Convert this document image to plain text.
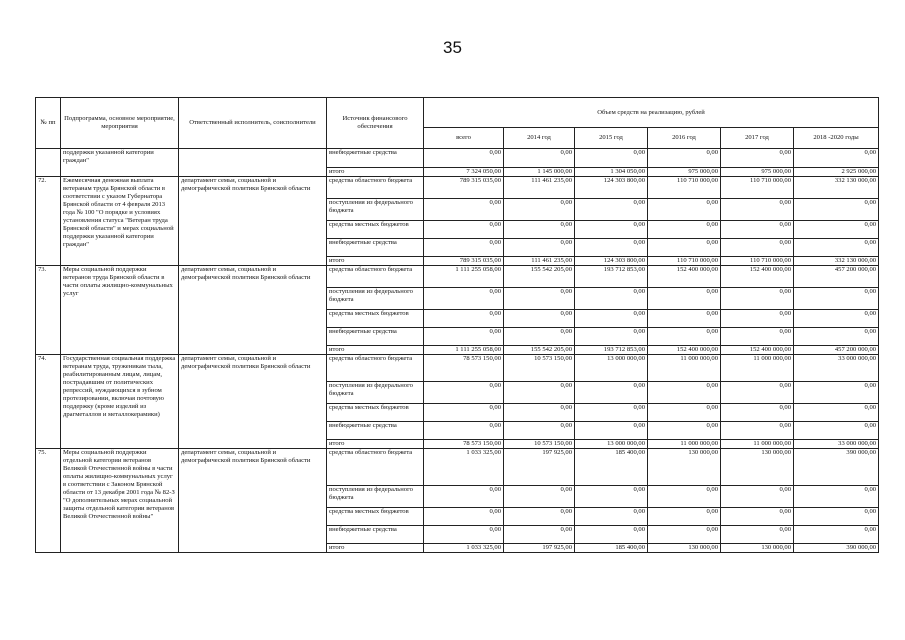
35
№ пп	Подпрограмма, основное мероприятие, мероприятия	Ответственный исполнитель, соисполнители	Источник финансового обеспечения	Объем средств на реализацию, рублей					
				всего	2014 год	2015 год	2016 год	2017 год	2018 -2020 годы
	поддержки указанной категории граждан"		внебюджетные средства	0,00	0,00	0,00	0,00	0,00	0,00
			итого	7 324 050,00	1 145 000,00	1 304 050,00	975 000,00	975 000,00	2 925 000,00
72.	Ежемесячная денежная выплата ветеранам труда Брянской области в соответствии с указом Губернатора Брянской области от 4 февраля 2013 года № 100 "О порядке и условиях установления статуса "Ветеран труда Брянской области" и мерах социальной поддержки указанной категории граждан"	департамент семьи, социальной и демографической политики Брянской области	средства областного бюджета	789 315 035,00	111 461 235,00	124 303 800,00	110 710 000,00	110 710 000,00	332 130 000,00
			поступления из федерального бюджета	0,00	0,00	0,00	0,00	0,00	0,00
			средства местных бюджетов	0,00	0,00	0,00	0,00	0,00	0,00
			внебюджетные средства	0,00	0,00	0,00	0,00	0,00	0,00
			итого	789 315 035,00	111 461 235,00	124 303 800,00	110 710 000,00	110 710 000,00	332 130 000,00
73.	Меры социальной поддержки ветеранов труда Брянской области в части оплаты жилищно-коммунальных услуг	департамент семьи, социальной и демографической политики Брянской области	средства областного бюджета	1 111 255 058,00	155 542 205,00	193 712 853,00	152 400 000,00	152 400 000,00	457 200 000,00
			поступления из федерального бюджета	0,00	0,00	0,00	0,00	0,00	0,00
			средства местных бюджетов	0,00	0,00	0,00	0,00	0,00	0,00
			внебюджетные средства	0,00	0,00	0,00	0,00	0,00	0,00
			итого	1 111 255 058,00	155 542 205,00	193 712 853,00	152 400 000,00	152 400 000,00	457 200 000,00
74.	Государственная социальная поддержка ветеранам труда, труженикам тыла, реабилитированным лицам, лицам, пострадавшим от политических репрессий, нуждающихся в зубном протезировании, включая почтовую поддержку (кроме изделий из драгметаллов и металлокерамики)	департамент семьи, социальной и демографической политики Брянской области	средства областного бюджета	78 573 150,00	10 573 150,00	13 000 000,00	11 000 000,00	11 000 000,00	33 000 000,00
			поступления из федерального бюджета	0,00	0,00	0,00	0,00	0,00	0,00
			средства местных бюджетов	0,00	0,00	0,00	0,00	0,00	0,00
			внебюджетные средства	0,00	0,00	0,00	0,00	0,00	0,00
			итого	78 573 150,00	10 573 150,00	13 000 000,00	11 000 000,00	11 000 000,00	33 000 000,00
75.	Меры социальной поддержки отдельной категории ветеранов Великой Отечественной войны в части оплаты жилищно-коммунальных услуг в соответствии с Законом Брянской области от 13 декабря 2001 года № 82-З "О дополнительных мерах социальной защиты отдельной категории ветеранов Великой Отечественной войны"	департамент семьи, социальной и демографической политики Брянской области	средства областного бюджета	1 033 325,00	197 925,00	185 400,00	130 000,00	130 000,00	390 000,00
			поступления из федерального бюджета	0,00	0,00	0,00	0,00	0,00	0,00
			средства местных бюджетов	0,00	0,00	0,00	0,00	0,00	0,00
			внебюджетные средства	0,00	0,00	0,00	0,00	0,00	0,00
			итого	1 033 325,00	197 925,00	185 400,00	130 000,00	130 000,00	390 000,00
